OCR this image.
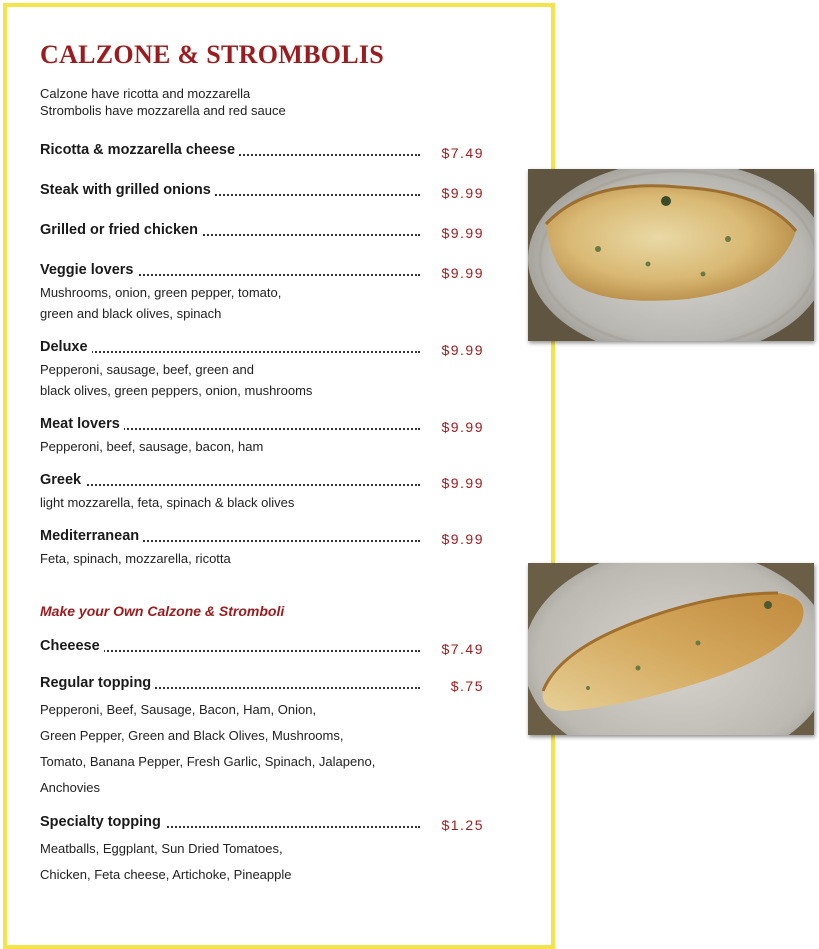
CALZONE & STROMBOLIS
Calzone have ricotta and mozzarella
Strombolis have mozzarella and red sauce
Ricotta & mozzarella cheese	$7.49
Steak with grilled onions	$9.99
Grilled or fried chicken	$9.99
Veggie lovers	$9.99
Mushrooms, onion, green pepper, tomato,
green and black olives, spinach
Deluxe	$9.99
Pepperoni, sausage, beef, green and
black olives, green peppers, onion, mushrooms
Meat lovers	$9.99
Pepperoni, beef, sausage, bacon, ham
Greek	$9.99
light mozzarella, feta, spinach & black olives
Mediterranean	$9.99
Feta, spinach, mozzarella, ricotta
Make your Own Calzone & Stromboli
Cheeese	$7.49
Regular topping	$.75
Pepperoni, Beef, Sausage, Bacon, Ham, Onion,
Green Pepper, Green and Black Olives, Mushrooms,
Tomato, Banana Pepper, Fresh Garlic, Spinach, Jalapeno,
Anchovies
Specialty topping	$1.25
Meatballs, Eggplant, Sun Dried Tomatoes,
Chicken, Feta cheese, Artichoke, Pineapple
